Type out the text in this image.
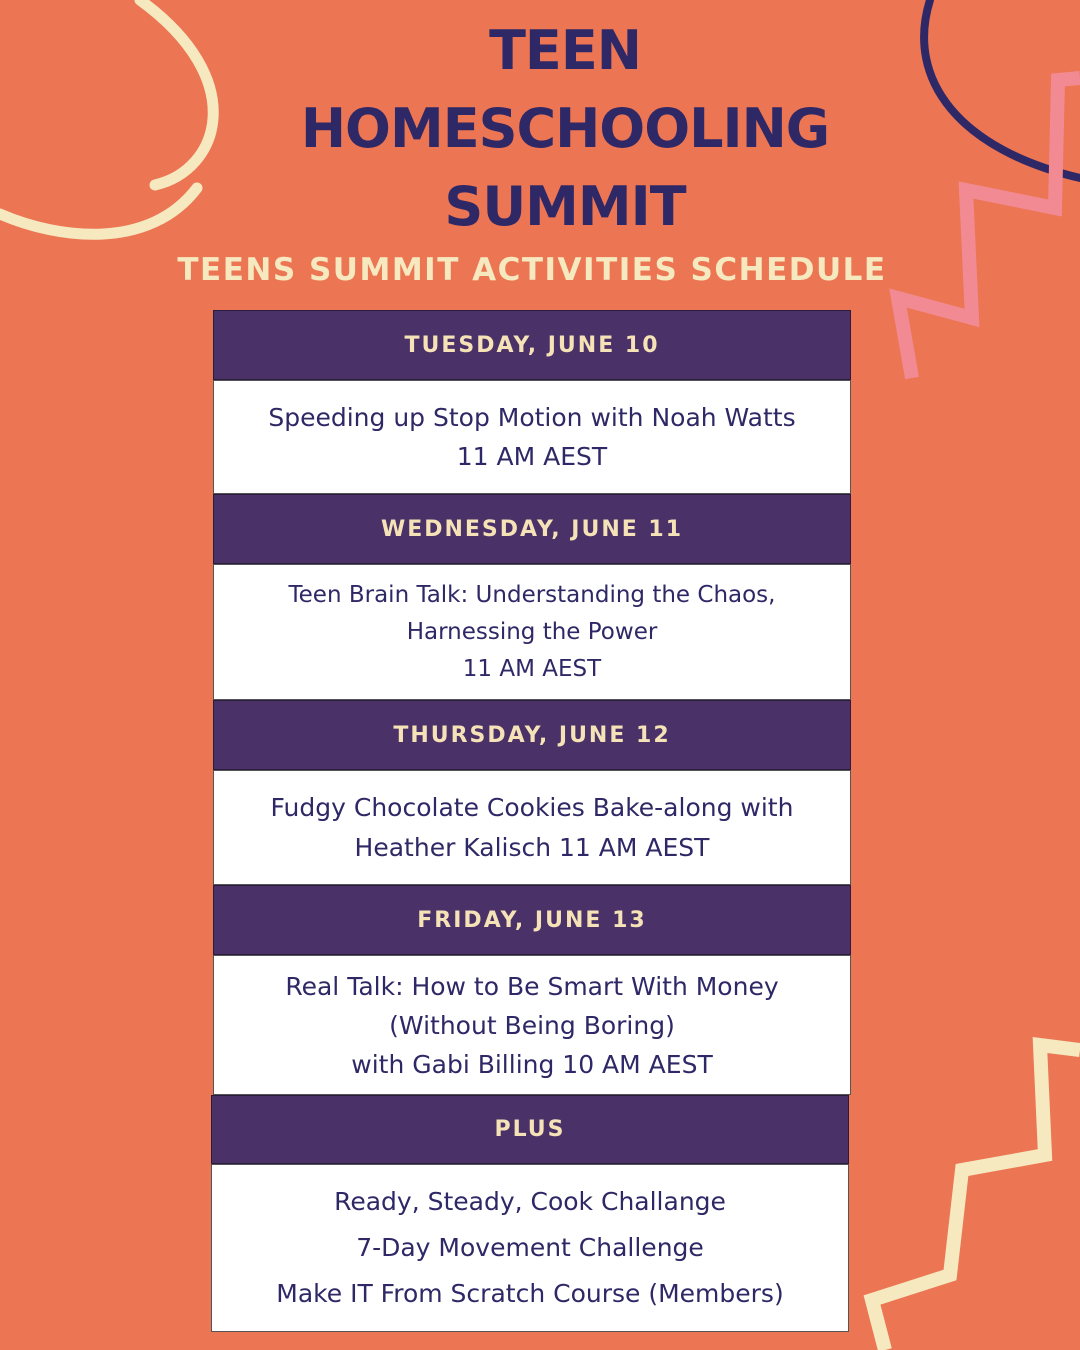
TEEN
HOMESCHOOLING
SUMMIT
TEENS SUMMIT ACTIVITIES SCHEDULE
TUESDAY, JUNE 10
Speeding up Stop Motion with Noah Watts
11 AM AEST
WEDNESDAY, JUNE 11
Teen Brain Talk: Understanding the Chaos,
Harnessing the Power
11 AM AEST
THURSDAY, JUNE 12
Fudgy Chocolate Cookies Bake-along with
Heather Kalisch 11 AM AEST
FRIDAY, JUNE 13
Real Talk: How to Be Smart With Money
(Without Being Boring)
with Gabi Billing 10 AM AEST
PLUS
Ready, Steady, Cook Challange
7-Day Movement Challenge
Make IT From Scratch Course (Members)
